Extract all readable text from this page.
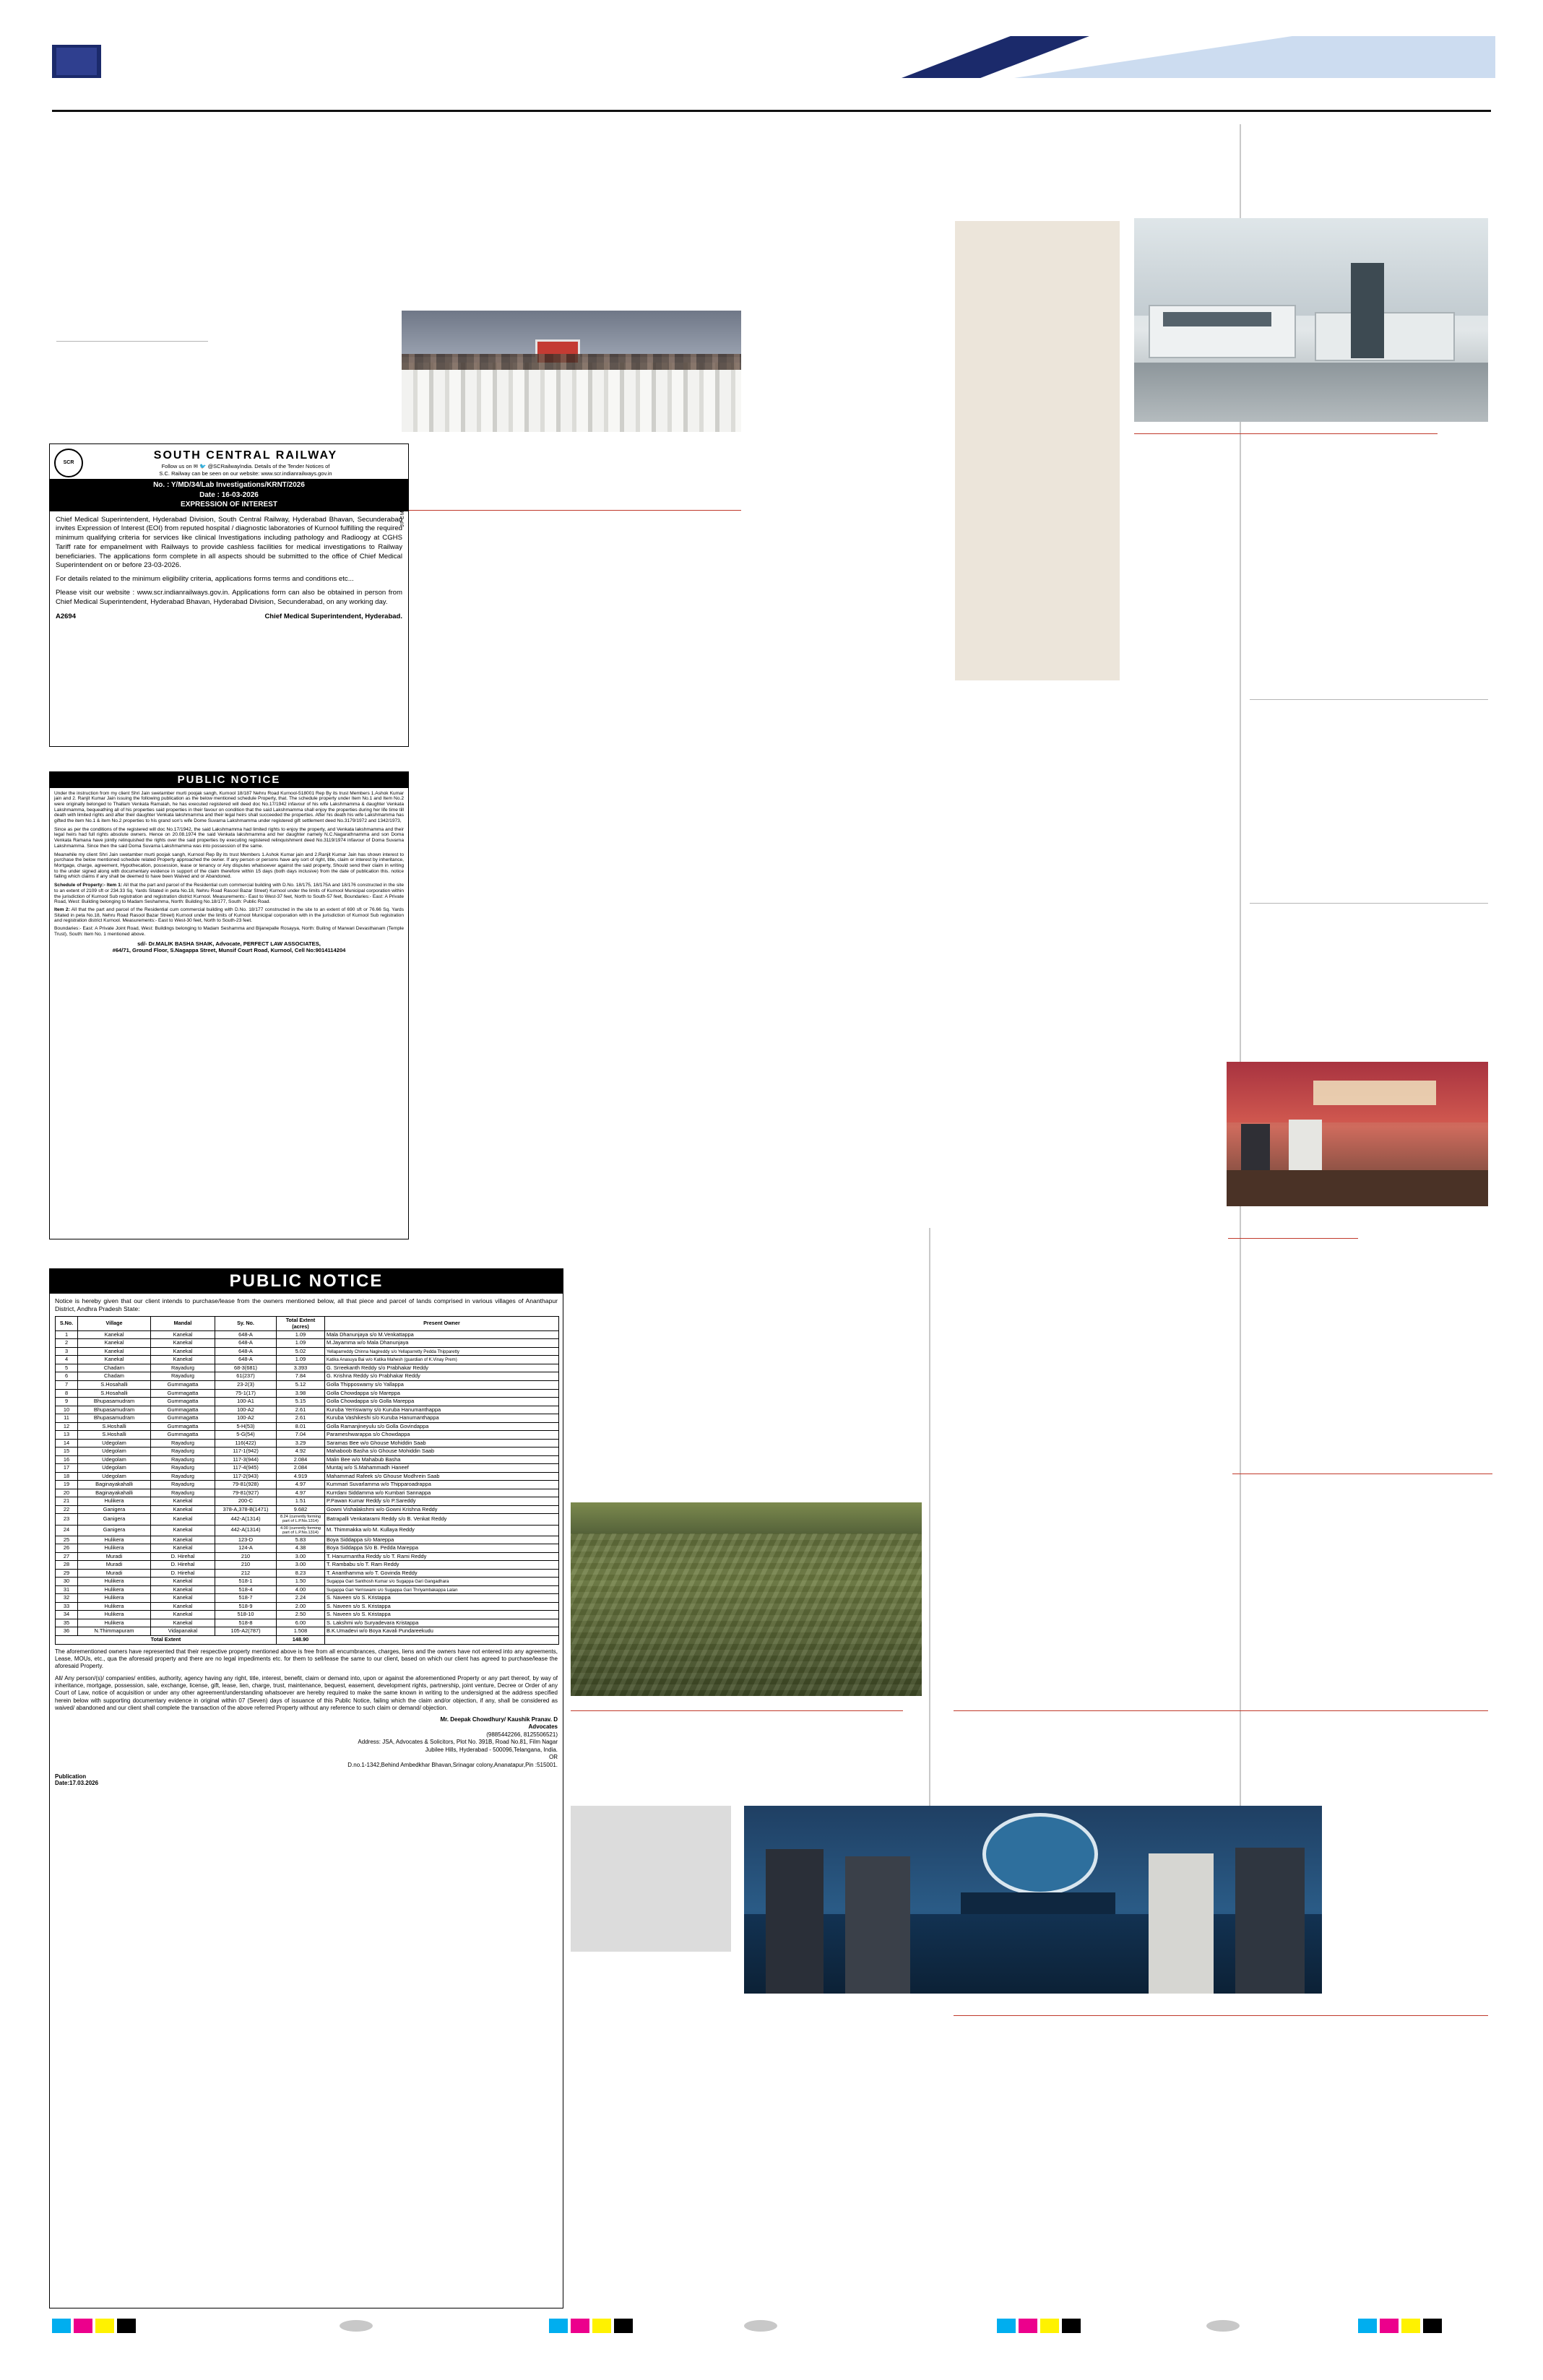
SCR
SOUTH CENTRAL RAILWAY
Follow us on ✉ 🐦 @SCRailwayIndia. Details of the Tender Notices of
S.C. Railway can be seen on our website: www.scr.indianrailways.gov.in
No. : Y/MD/34/Lab Investigations/KRNT/2026
Date : 16-03-2026
EXPRESSION OF INTEREST	JPCM/29274

Chief Medical Superintendent, Hyderabad Division, South Central Railway, Hyderabad Bhavan, Secunderabad invites Expression of Interest (EOI) from reputed hospital / diagnostic laboratories of Kurnool fulfilling the required minimum qualifying criteria for services like clinical Investigations including pathology and Radioogy at CGHS Tariff rate for empanelment with Railways to provide cashless facilities for medical investigations to Railway beneficiaries. The applications form complete in all aspects should be submitted to the office of Chief Medical Superintendent on or before 23-03-2026.

For details related to the minimum eligibility criteria, applications forms terms and conditions etc...

Please visit our website : www.scr.indianrailways.gov.in. Applications form can also be obtained in person from Chief Medical Superintendent, Hyderabad Bhavan, Hyderabad Division, Secunderabad, on any working day.

A2694	Chief Medical Superintendent, Hyderabad.
PUBLIC NOTICE

Under the instruction from my client Shri Jain swetamber murti poojak sangh, Kurnool 18/187 Nehru Road Kurnool-518001 Rep By its trust Members 1.Ashok Kumar jain and 2. Ranjit Kumar Jain issuing the following publication as the below mentioned schedule Property, that. The schedule property under Item No.1 and Item No.2 were originally belonged to Thallam Venkata Ramaiah, he has executed registered will deed doc No.17/1942 infavour of his wife Lakshmamma & daughter Venkata Lakshmamma, bequeathing all of his properties said properties in their favour on condition that the said Lakshmamma shall enjoy the properties during her life time till death with limited rights and after their daughter Venkata lakshmamma and their legal heirs shall succeeded the properties. After his death his wife Lakshmamma has gifted the item No.1 & item No.2 properties to his grand son's wife Dome Suvarna Lakshmamma under registered gift settlement deed No.3179/1972 and 1342/1973,

Since as per the conditions of the registered will doc No.17/1942, the said Lakshmamma had limited rights to enjoy the property, and Venkata lakshmamma and their legal heirs had full rights absolute owners. Hence on 20.08.1974 the said Venkata lakshmamma and her daughter namely N.C.Nagarathnamma and son Doma Venkata Ramana have jointly relinquished the rights over the said properties by executing registered relinquishment deed No.3119/1974 infavour of Doma Suvarna Lakshmamma. Since then the said Doma Suvarna Lakshmamma was into possession of the same.

Meanwhile my client Shri Jain swetamber murti poojak sangh, Kurnool Rep By its trust Members 1.Ashok Kumar jain and 2.Ranjit Kumar Jain has shown interest to purchase the below mentioned schedule related Property approached the owner. If any person or persons have any sort of right, title, claim or interest by inheritance, Mortgage, charge, agreement, Hypothecation, possession, lease or tenancy or Any disputes whatsoever against the said property, Should send their claim in writing to the under signed along with documentary evidence in support of the claim therefore within 15 days (both days inclusive) from the date of publication this. notice failing which claims if any shall be deemed to have been Waived and or Abandoned.

Schedule of Property:- Item 1: All that the part and parcel of the Residential cum commercial building with D.No. 18/175, 18/175A and 18/176 constructed in the site to an extent of 2109 sft or 234.33 Sq. Yards Sitated in peta No.18, Nehru Road Rasool Bazar Street) Kurnool under the limits of Kurnool Municipal corporation within the jurisdiction of Kurnool Sub registration and registration district Kurnool. Measurements:- East to West-37 feet, North to South-57 feet, Boundaries:- East: A Private Road, West: Building belonging to Madam Seshamma, North: Building No.18/177, South: Public Road.

Item 2: All that the part and parcel of the Residential cum commercial building with D.No. 18/177 constructed in the site to an extent of 690 sft or 76.66 Sq. Yards Sitated in peta No.18, Nehru Road Rasool Bazar Street) Kurnool under the limits of Kurnool Municipal corporation with in the jurisdiction of Kurnool Sub registration and registration district Kurnool. Measurements:- East to West-30 feet, North to South-23 feet.

Boundaries:- East: A Private Joint Road, West: Buildings belonging to Madam Seshamma and Bijanepalle Rosayya, North: Builing of Marwari Devasthanam (Temple Trust), South: Item No. 1 mentioned above.

sd/- Dr.MALIK BASHA SHAIK, Advocate, PERFECT LAW ASSOCIATES,
#64/71, Ground Floor, S.Nagappa Street, Munsif Court Road, Kurnool, Cell No:9014114204
PUBLIC NOTICE
Notice is hereby given that our client intends to purchase/lease from the owners mentioned below, all that piece and parcel of lands comprised in various villages of Ananthapur District, Andhra Pradesh State:
S.No.	Village	Mandal	Sy. No.	Total Extent (acres)	Present Owner
1	Kanekal	Kanekal	648-A	1.09	Mala Dhanunjaya s/o M.Venkattappa
2	Kanekal	Kanekal	648-A	1.09	M.Jayamma w/o Mala Dhanunjaya
3	Kanekal	Kanekal	648-A	5.02	Yellaparreddy Chinna Nagireddy s/o Yellaparretty Pedda Thipparetty
4	Kanekal	Kanekal	648-A	1.09	Katika Anasuya Bai w/o Katika Mahesh (guardian of K.Vinay Prem)
5	Chadarn	Rayadurg	68-3(681)	3.393	G. Srreekanth Reddy s/o Prabhakar Reddy
6	Chadam	Rayadurg	61(237)	7.84	G. Krishna Reddy s/o Prabhakar Reddy
7	S.Hosahalli	Gummagatta	23-2(3)	5.12	Golla Thipposwamy s/o Yallappa
8	S.Hosahalli	Gummagatta	75-1(17)	3.98	Golla Chowdappa s/o Mareppa
9	Bhupasamudram	Gummagatta	100-A1	5.15	Golla Chowdappa s/o Golla Mareppa
10	Bhupasamudram	Gummagatta	100-A2	2.61	Kuruba Yerriswamy s/o Kuruba Hanumanthappa
11	Bhupasamudram	Gummagatta	100-A2	2.61	Kuruba Vashikeshi s/o Kuruba Hanumanthappa
12	S.Hoshalli	Gummagatta	5-H(53)	8.01	Golla Ramanjineyulu s/o Golla Govindappa
13	S.Hoshalli	Gummagatta	5-G(54)	7.04	Parameshwarappa s/o Chowdappa
14	Udegolam	Rayadurg	116(422)	3.29	Saramas Bee w/o Ghouse Mohiddin Saab
15	Udegolam	Rayadurg	117-1(942)	4.92	Mahaboob Basha s/o Ghouse Mohiddin Saab
16	Udegolam	Rayadurg	117-3(944)	2.084	Malin Bee w/o Mahabub Basha
17	Udegolam	Rayadurg	117-4(945)	2.084	Muntaj w/o S.Mahammadh Haneef
18	Udegolam	Rayadurg	117-2(943)	4.919	Mahammad Rafeek s/o Ghouse Modhrein Saab
19	Baginayakahalli	Rayadurg	79-81(928)	4.97	Kummari Suvarlamma w/o Thipparoadrappa
20	Baginayakahalli	Rayadurg	79-81(927)	4.97	Kurrdani Siddamma w/o Kumbari Sannappa
21	Hulikera	Kanekal	200-C	1.51	P.Pawan Kumar Reddy s/o P.Sareddy
22	Ganigera	Kanekal	378-A,378-B(1471)	9.682	Gowni Vishalakshmi w/o Gowni Krishna Reddy
23	Ganigera	Kanekal	442-A(1314)	8.24 (currently forming part of L.P.No.1314)	Batrapalli Venkatarami Reddy s/o B. Venkat Reddy
24	Ganigera	Kanekal	442-A(1314)	4.00 (currently forming part of L.P.No.1314)	M. Thimmakka w/o M. Kullaya Reddy
25	Hulikera	Kanekal	123-D	5.83	Boya Siddappa s/o Mareppa
26	Hulikera	Kanekal	124-A	4.38	Boya Siddappa S/o B. Pedda Mareppa
27	Muradi	D. Hirehal	210	3.00	T. Hanurmantha Reddy s/o T. Rami Reddy
28	Muradi	D. Hirehal	210	3.00	T. Rambabu s/o T. Ram Reddy
29	Muradi	D. Hirehal	212	8.23	T. Ananthamma w/o T. Govinda Reddy
30	Hulikera	Kanekal	518-1	1.50	Sugappa Gari Santhosh Kumar s/o Sugappa Gari Gangadhara
31	Hulikera	Kanekal	518-4	4.00	Sugappa Gari Yerriswami s/o Sugappa Gari Thriyambakappa Lalan
32	Hulikera	Kanekal	518-7	2.24	S. Naveen s/o S. Kristappa
33	Hulikera	Kanekal	518-9	2.00	S. Naveen s/o S. Kristappa
34	Hulikera	Kanekal	518-10	2.50	S. Naveen s/o S. Kristappa
35	Hulikera	Kanekal	518-8	6.00	S. Lakshmi w/o Suryadevara Kristappa
36	N.Thimmapuram	Vidapanakal	105-A2(787)	1.508	B.K.Umadevi w/o Boya Kavali Pundareekudu
Total Extent				148.90	

The aforementioned owners have represented that their respective property mentioned above is free from all encumbrances, charges, liens and the owners have not entered into any agreements, Lease, MOUs, etc., qua the aforesaid property and there are no legal impediments etc. for them to sell/lease the same to our client, based on which our client has agreed to purchase/lease the aforesaid Property.

All/ Any person/(s)/ companies/ entities, authority, agency having any right, title, interest, benefit, claim or demand into, upon or against the aforementioned Property or any part thereof, by way of inheritance, mortgage, possession, sale, exchange, license, gift, lease, lien, charge, trust, maintenance, bequest, easement, development rights, partnership, joint venture, Decree or Order of any Court of Law, notice of acquisition or under any other agreement/understanding whatsoever are hereby required to make the same known in writing to the undersigned at the address specified herein below with supporting documentary evidence in original within 07 (Seven) days of issuance of this Public Notice, failing which the claim and/or objection, if any, shall be considered as waived/ abandoned and our client shall complete the transaction of the above referred Property without any reference to such claim or demand/ objection.

Mr. Deepak Chowdhury/ Kaushik Pranav. D
Advocates
(9885442266, 8125506521)
Address: JSA, Advocates & Solicitors, Plot No. 391B, Road No.81, Film Nagar
Jubilee Hills, Hyderabad - 500096,Telangana, India.
OR
D.no.1-1342,Behind Ambedkhar Bhavan,Srinagar colony,Ananatapur,Pin :515001.
Publication
Date:17.03.2026
